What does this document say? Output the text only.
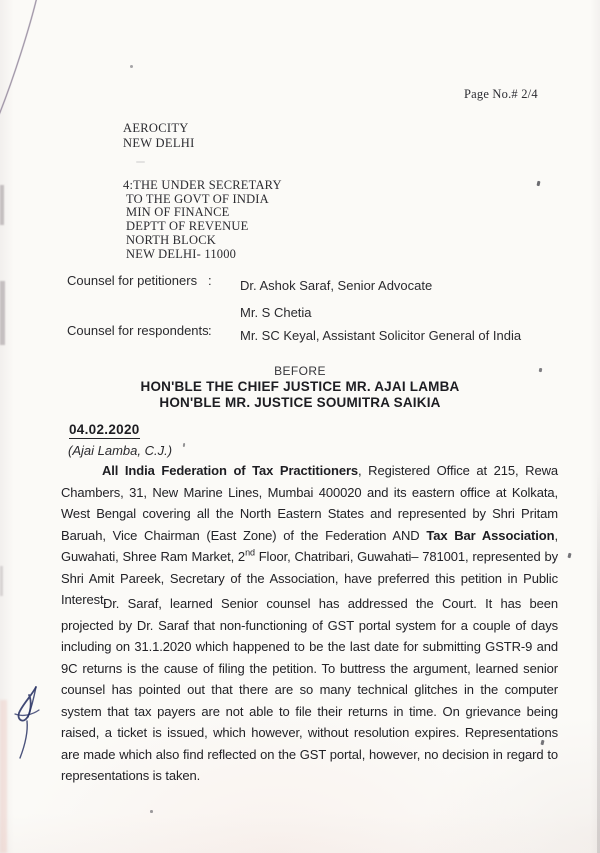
Page No.# 2/4
AEROCITY
NEW DELHI
4:THE UNDER SECRETARY
TO THE GOVT OF INDIA
MIN OF FINANCE
DEPTT OF REVENUE
NORTH BLOCK
NEW DELHI- 11000
Counsel for petitioners : Dr. Ashok Saraf, Senior Advocate
Mr. S Chetia
Counsel for respondents : Mr. SC Keyal, Assistant Solicitor General of India
BEFORE
HON'BLE THE CHIEF JUSTICE MR. AJAI LAMBA
HON'BLE MR. JUSTICE SOUMITRA SAIKIA
04.02.2020
(Ajai Lamba, C.J.)

All India Federation of Tax Practitioners, Registered Office at 215, Rewa Chambers, 31, New Marine Lines, Mumbai 400020 and its eastern office at Kolkata, West Bengal covering all the North Eastern States and represented by Shri Pritam Baruah, Vice Chairman (East Zone) of the Federation AND Tax Bar Association, Guwahati, Shree Ram Market, 2nd Floor, Chatribari, Guwahati– 781001, represented by Shri Amit Pareek, Secretary of the Association, have preferred this petition in Public Interest.

Dr. Saraf, learned Senior counsel has addressed the Court. It has been projected by Dr. Saraf that non-functioning of GST portal system for a couple of days including on 31.1.2020 which happened to be the last date for submitting GSTR-9 and 9C returns is the cause of filing the petition. To buttress the argument, learned senior counsel has pointed out that there are so many technical glitches in the computer system that tax payers are not able to file their returns in time. On grievance being raised, a ticket is issued, which however, without resolution expires. Representations are made which also find reflected on the GST portal, however, no decision in regard to representations is taken.
